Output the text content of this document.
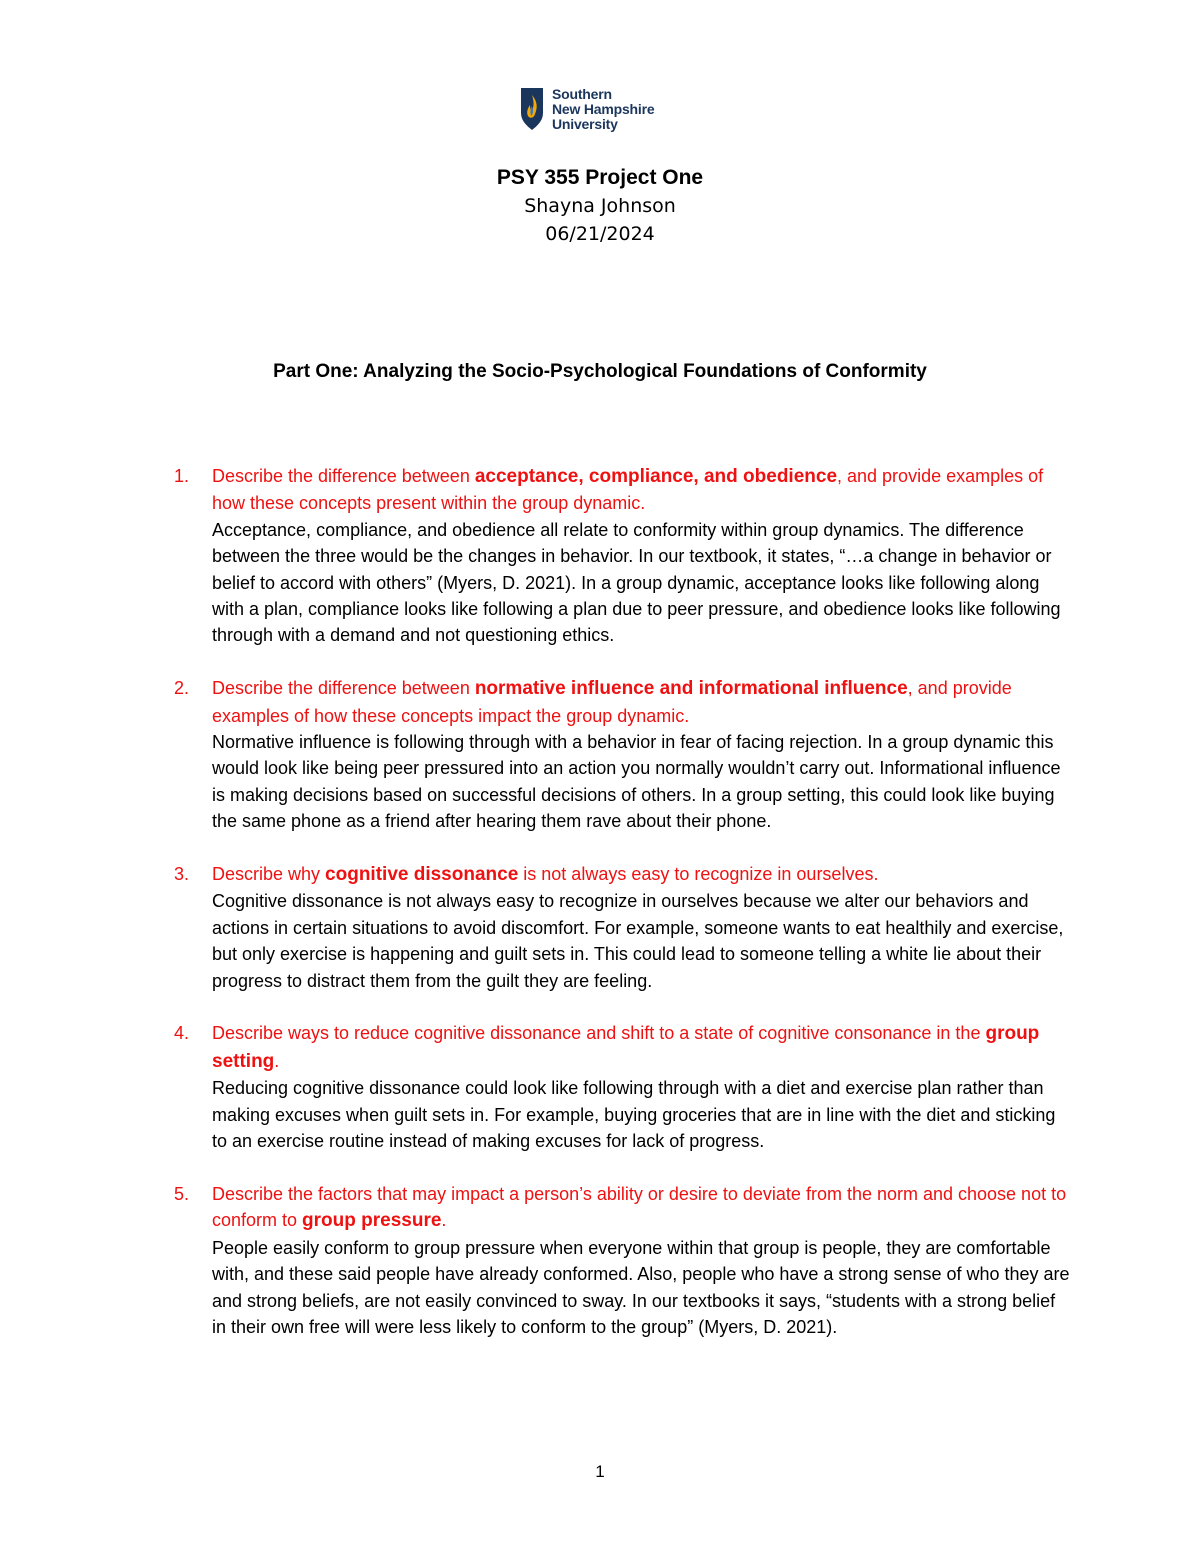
Southern
New Hampshire
University
PSY 355 Project One
Shayna Johnson
06/21/2024
Part One: Analyzing the Socio-Psychological Foundations of Conformity
1. Describe the difference between acceptance, compliance, and obedience, and provide examples of how these concepts present within the group dynamic.
Acceptance, compliance, and obedience all relate to conformity within group dynamics. The difference between the three would be the changes in behavior. In our textbook, it states, “…a change in behavior or belief to accord with others” (Myers, D. 2021). In a group dynamic, acceptance looks like following along with a plan, compliance looks like following a plan due to peer pressure, and obedience looks like following through with a demand and not questioning ethics.
2. Describe the difference between normative influence and informational influence, and provide examples of how these concepts impact the group dynamic.
Normative influence is following through with a behavior in fear of facing rejection. In a group dynamic this would look like being peer pressured into an action you normally wouldn’t carry out. Informational influence is making decisions based on successful decisions of others. In a group setting, this could look like buying the same phone as a friend after hearing them rave about their phone.
3. Describe why cognitive dissonance is not always easy to recognize in ourselves.
Cognitive dissonance is not always easy to recognize in ourselves because we alter our behaviors and actions in certain situations to avoid discomfort. For example, someone wants to eat healthily and exercise, but only exercise is happening and guilt sets in. This could lead to someone telling a white lie about their progress to distract them from the guilt they are feeling.
4. Describe ways to reduce cognitive dissonance and shift to a state of cognitive consonance in the group setting.
Reducing cognitive dissonance could look like following through with a diet and exercise plan rather than making excuses when guilt sets in. For example, buying groceries that are in line with the diet and sticking to an exercise routine instead of making excuses for lack of progress.
5. Describe the factors that may impact a person’s ability or desire to deviate from the norm and choose not to conform to group pressure.
People easily conform to group pressure when everyone within that group is people, they are comfortable with, and these said people have already conformed. Also, people who have a strong sense of who they are and strong beliefs, are not easily convinced to sway. In our textbooks it says, “students with a strong belief in their own free will were less likely to conform to the group” (Myers, D. 2021).
1
